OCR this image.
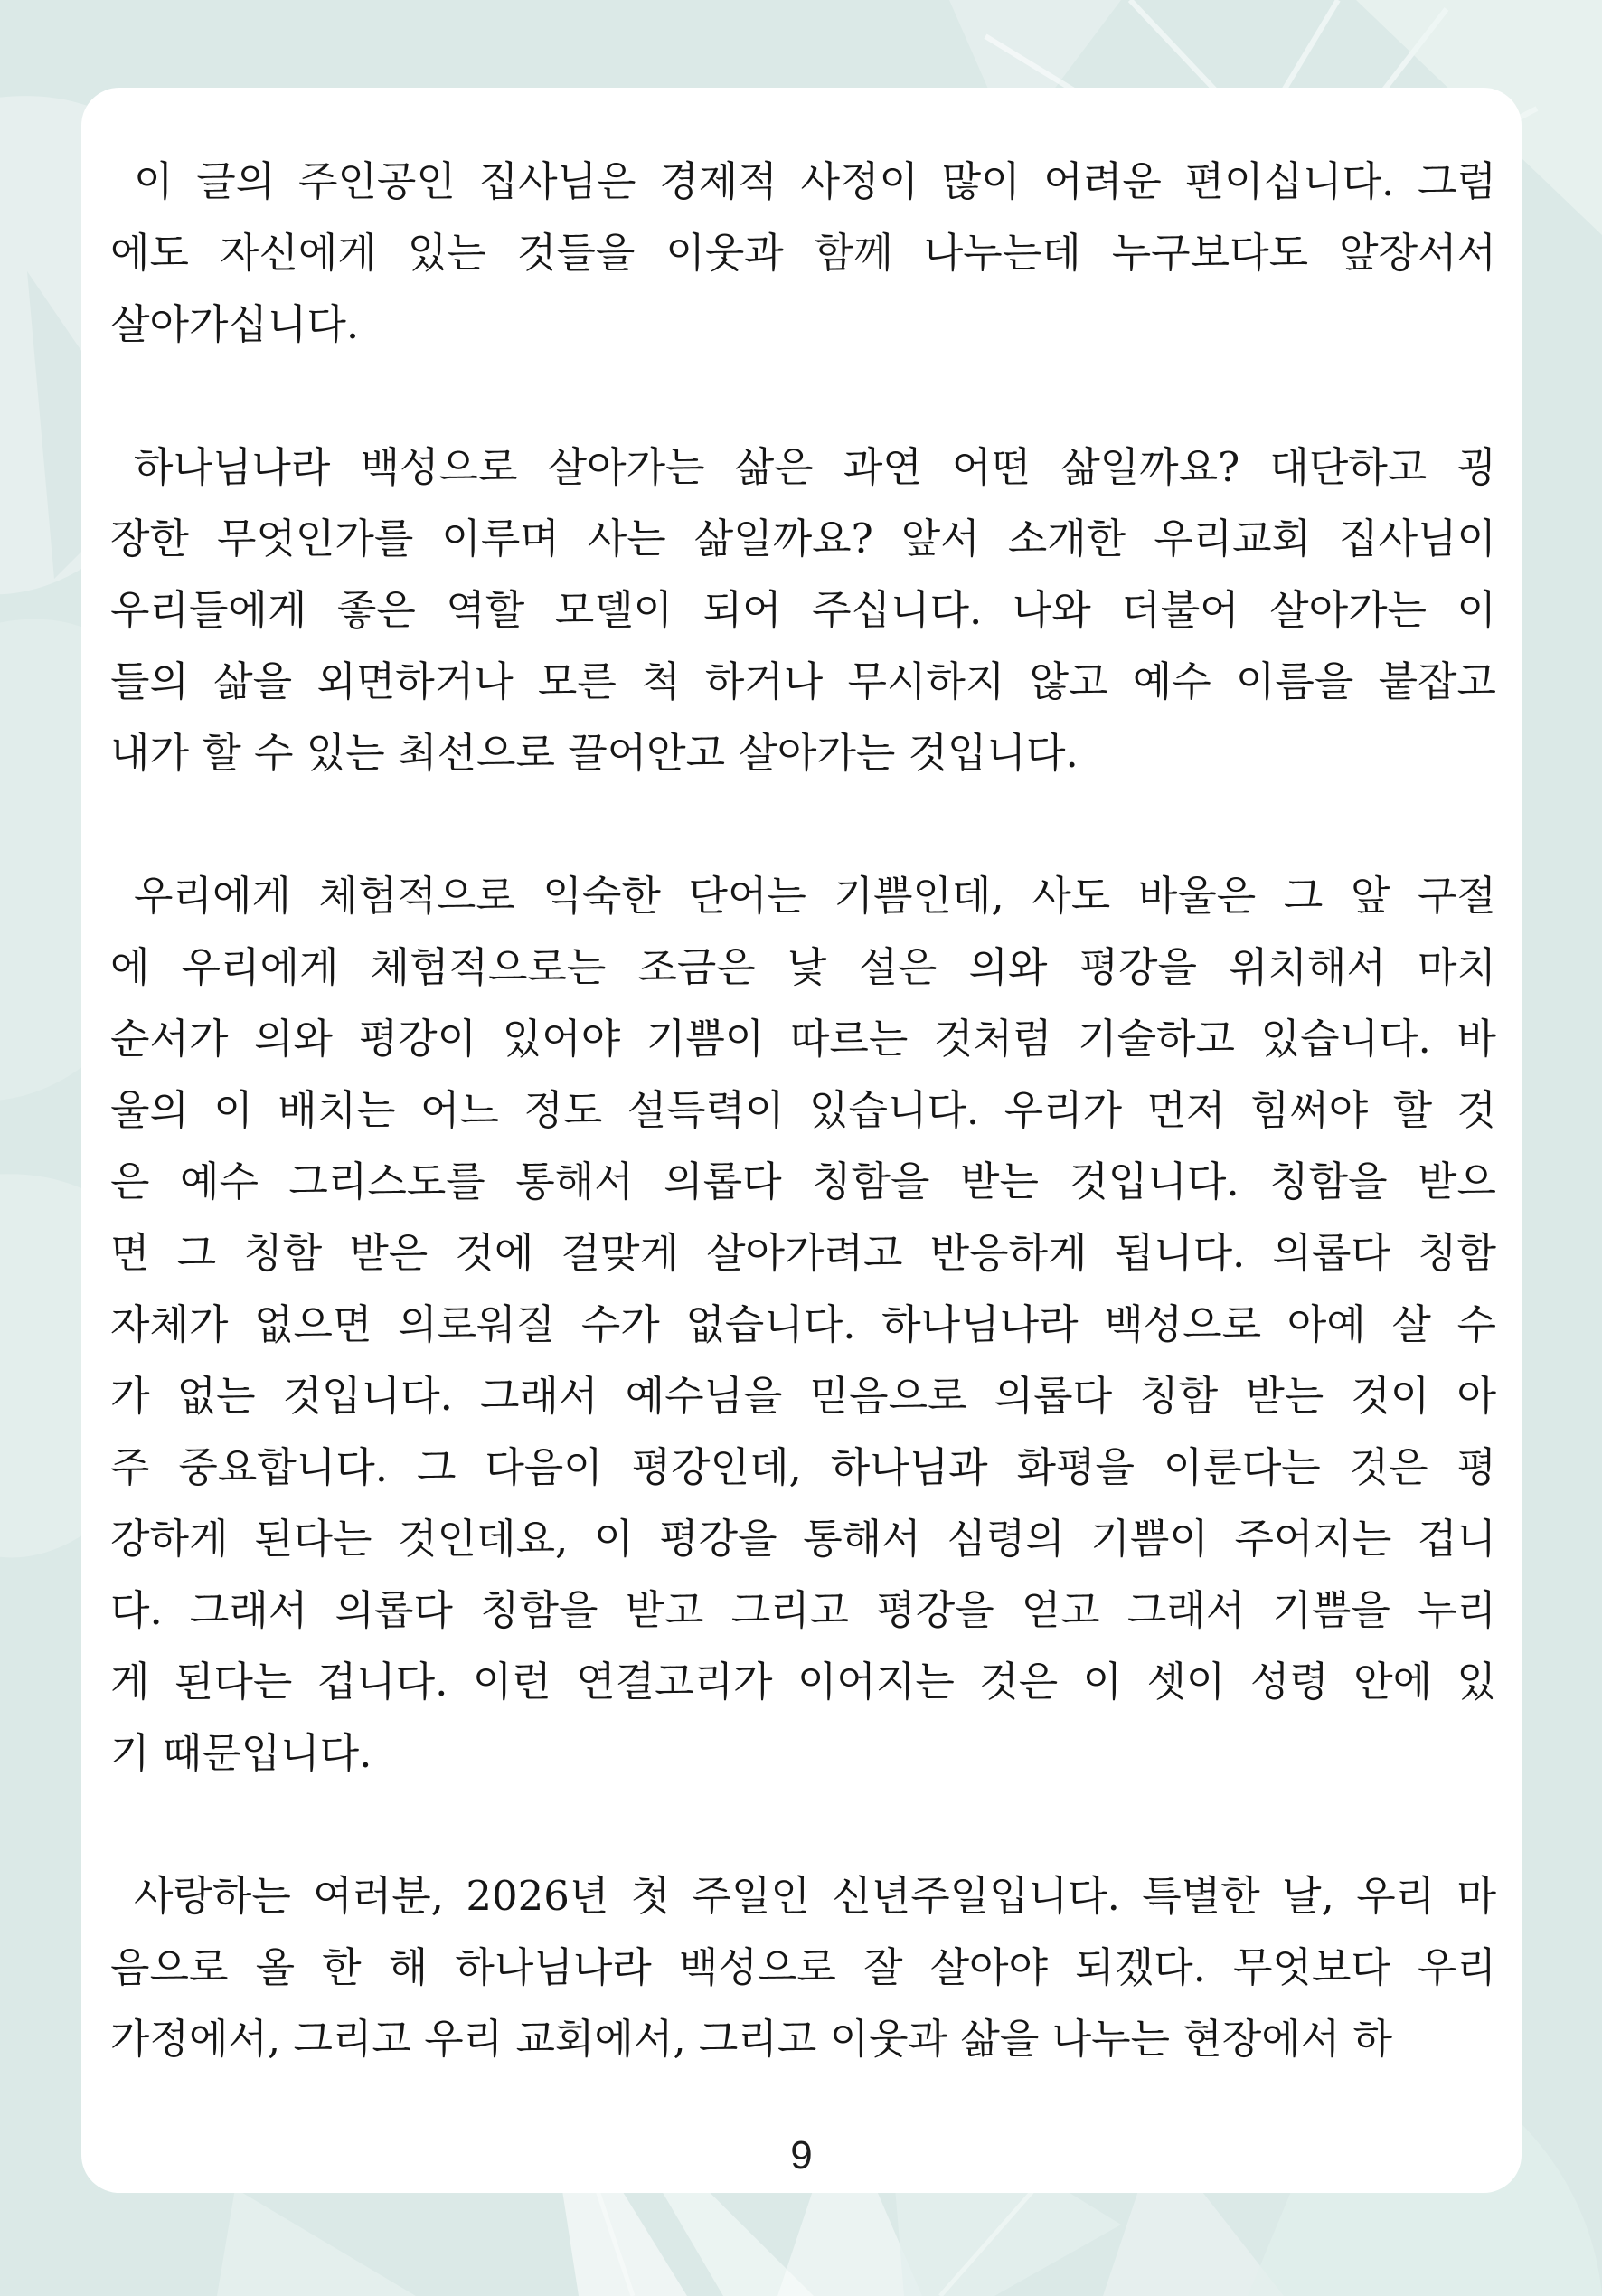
이 글의 주인공인 집사님은 경제적 사정이 많이 어려운 편이십니다. 그럼
에도 자신에게 있는 것들을 이웃과 함께 나누는데 누구보다도 앞장서서
살아가십니다.
하나님나라 백성으로 살아가는 삶은 과연 어떤 삶일까요? 대단하고 굉
장한 무엇인가를 이루며 사는 삶일까요? 앞서 소개한 우리교회 집사님이
우리들에게 좋은 역할 모델이 되어 주십니다. 나와 더불어 살아가는 이
들의 삶을 외면하거나 모른 척 하거나 무시하지 않고 예수 이름을 붙잡고
내가 할 수 있는 최선으로 끌어안고 살아가는 것입니다.
우리에게 체험적으로 익숙한 단어는 기쁨인데, 사도 바울은 그 앞 구절
에 우리에게 체험적으로는 조금은 낯 설은 의와 평강을 위치해서 마치
순서가 의와 평강이 있어야 기쁨이 따르는 것처럼 기술하고 있습니다. 바
울의 이 배치는 어느 정도 설득력이 있습니다. 우리가 먼저 힘써야 할 것
은 예수 그리스도를 통해서 의롭다 칭함을 받는 것입니다. 칭함을 받으
면 그 칭함 받은 것에 걸맞게 살아가려고 반응하게 됩니다. 의롭다 칭함
자체가 없으면 의로워질 수가 없습니다. 하나님나라 백성으로 아예 살 수
가 없는 것입니다. 그래서 예수님을 믿음으로 의롭다 칭함 받는 것이 아
주 중요합니다. 그 다음이 평강인데, 하나님과 화평을 이룬다는 것은 평
강하게 된다는 것인데요, 이 평강을 통해서 심령의 기쁨이 주어지는 겁니
다. 그래서 의롭다 칭함을 받고 그리고 평강을 얻고 그래서 기쁨을 누리
게 된다는 겁니다. 이런 연결고리가 이어지는 것은 이 셋이 성령 안에 있
기 때문입니다.
사랑하는 여러분, 2026년 첫 주일인 신년주일입니다. 특별한 날, 우리 마
음으로 올 한 해 하나님나라 백성으로 잘 살아야 되겠다. 무엇보다 우리
가정에서, 그리고 우리 교회에서, 그리고 이웃과 삶을 나누는 현장에서 하
9
